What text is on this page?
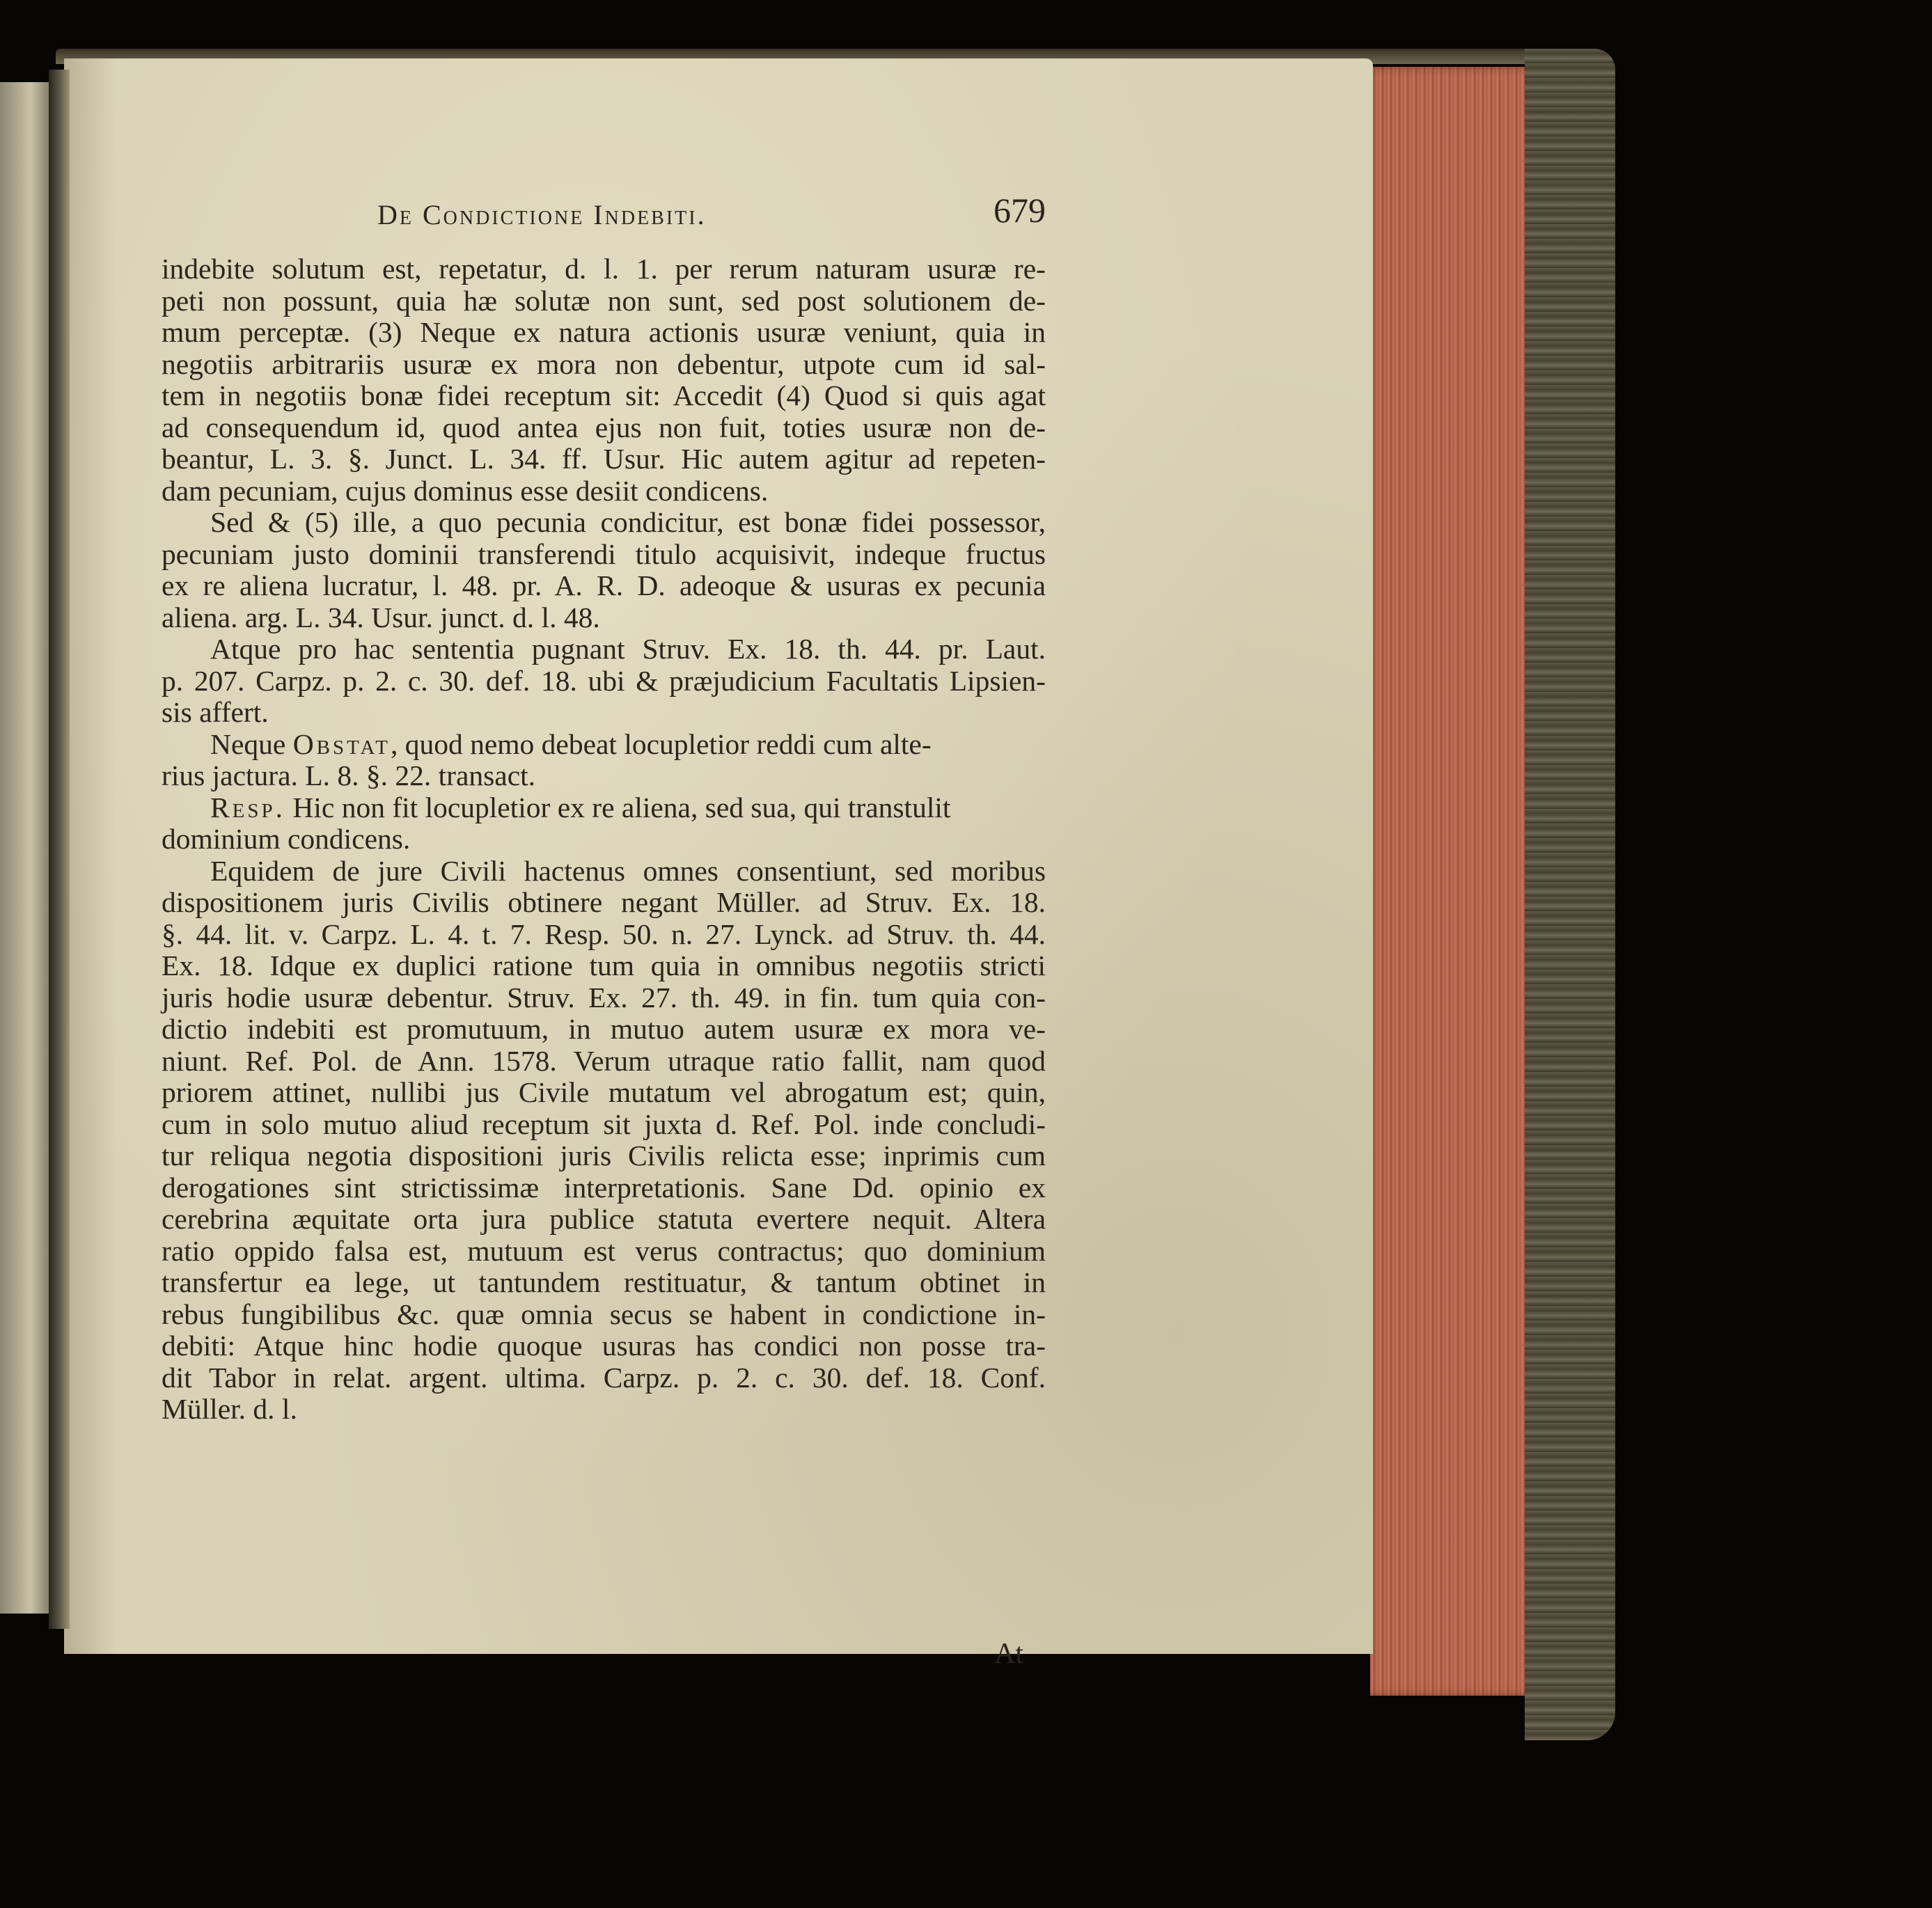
De Condictione Indebiti.	679
indebite solutum est, repetatur, d. l. 1. per rerum naturam usuræ re-
peti non possunt, quia hæ solutæ non sunt, sed post solutionem de-
mum perceptæ. (3) Neque ex natura actionis usuræ veniunt, quia in
negotiis arbitrariis usuræ ex mora non debentur, utpote cum id sal-
tem in negotiis bonæ fidei receptum sit: Accedit (4) Quod si quis agat
ad consequendum id, quod antea ejus non fuit, toties usuræ non de-
beantur, L. 3. §. Junct. L. 34. ff. Usur. Hic autem agitur ad repeten-
dam pecuniam, cujus dominus esse desiit condicens.
Sed & (5) ille, a quo pecunia condicitur, est bonæ fidei possessor,
pecuniam justo dominii transferendi titulo acquisivit, indeque fructus
ex re aliena lucratur, l. 48. pr. A. R. D. adeoque & usuras ex pecunia
aliena. arg. L. 34. Usur. junct. d. l. 48.
Atque pro hac sententia pugnant Struv. Ex. 18. th. 44. pr. Laut.
p. 207. Carpz. p. 2. c. 30. def. 18. ubi & præjudicium Facultatis Lipsien-
sis affert.
Neque Obstat, quod nemo debeat locupletior reddi cum alte-
rius jactura. L. 8. §. 22. transact.
Resp. Hic non fit locupletior ex re aliena, sed sua, qui transtulit
dominium condicens.
Equidem de jure Civili hactenus omnes consentiunt, sed moribus
dispositionem juris Civilis obtinere negant Müller. ad Struv. Ex. 18.
§. 44. lit. v. Carpz. L. 4. t. 7. Resp. 50. n. 27. Lynck. ad Struv. th. 44.
Ex. 18. Idque ex duplici ratione tum quia in omnibus negotiis stricti
juris hodie usuræ debentur. Struv. Ex. 27. th. 49. in fin. tum quia con-
dictio indebiti est promutuum, in mutuo autem usuræ ex mora ve-
niunt. Ref. Pol. de Ann. 1578. Verum utraque ratio fallit, nam quod
priorem attinet, nullibi jus Civile mutatum vel abrogatum est; quin,
cum in solo mutuo aliud receptum sit juxta d. Ref. Pol. inde concludi-
tur reliqua negotia dispositioni juris Civilis relicta esse; inprimis cum
derogationes sint strictissimæ interpretationis. Sane Dd. opinio ex
cerebrina æquitate orta jura publice statuta evertere nequit. Altera
ratio oppido falsa est, mutuum est verus contractus; quo dominium
transfertur ea lege, ut tantundem restituatur, & tantum obtinet in
rebus fungibilibus &c. quæ omnia secus se habent in condictione in-
debiti: Atque hinc hodie quoque usuras has condici non posse tra-
dit Tabor in relat. argent. ultima. Carpz. p. 2. c. 30. def. 18. Conf.
Müller. d. l.
At
